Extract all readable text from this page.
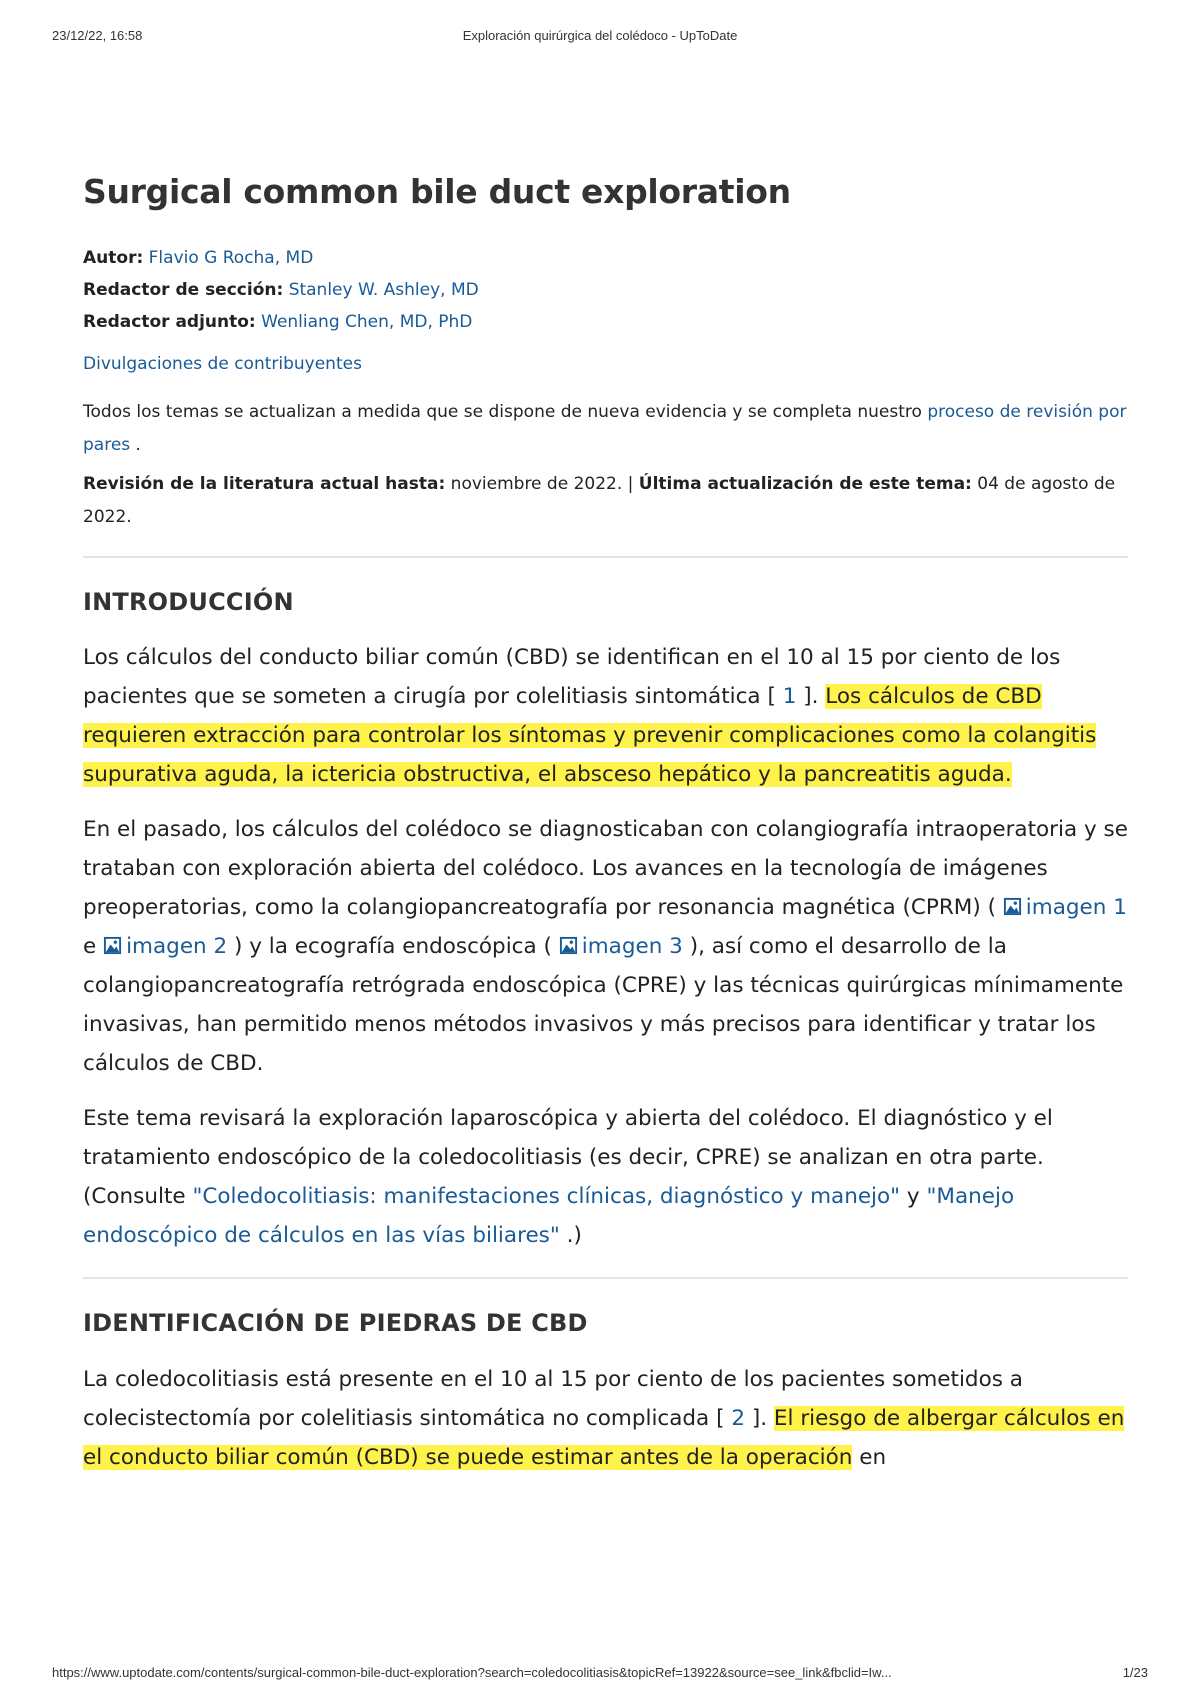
23/12/22, 16:58	Exploración quirúrgica del colédoco - UpToDate
Surgical common bile duct exploration
Autor: Flavio G Rocha, MD
Redactor de sección: Stanley W. Ashley, MD
Redactor adjunto: Wenliang Chen, MD, PhD
Divulgaciones de contribuyentes
Todos los temas se actualizan a medida que se dispone de nueva evidencia y se completa nuestro proceso de revisión por pares .
Revisión de la literatura actual hasta: noviembre de 2022. | Última actualización de este tema: 04 de agosto de 2022.
INTRODUCCIÓN

Los cálculos del conducto biliar común (CBD) se identifican en el 10 al 15 por ciento de los pacientes que se someten a cirugía por colelitiasis sintomática [ 1 ]. Los cálculos de CBD requieren extracción para controlar los síntomas y prevenir complicaciones como la colangitis supurativa aguda, la ictericia obstructiva, el absceso hepático y la pancreatitis aguda.

En el pasado, los cálculos del colédoco se diagnosticaban con colangiografía intraoperatoria y se trataban con exploración abierta del colédoco. Los avances en la tecnología de imágenes preoperatorias, como la colangiopancreatografía por resonancia magnética (CPRM) ( imagen 1 e imagen 2 ) y la ecografía endoscópica ( imagen 3 ), así como el desarrollo de la colangiopancreatografía retrógrada endoscópica (CPRE) y las técnicas quirúrgicas mínimamente invasivas, han permitido menos métodos invasivos y más precisos para identificar y tratar los cálculos de CBD.

Este tema revisará la exploración laparoscópica y abierta del colédoco. El diagnóstico y el tratamiento endoscópico de la coledocolitiasis (es decir, CPRE) se analizan en otra parte. (Consulte "Coledocolitiasis: manifestaciones clínicas, diagnóstico y manejo" y "Manejo endoscópico de cálculos en las vías biliares" .)

IDENTIFICACIÓN DE PIEDRAS DE CBD

La coledocolitiasis está presente en el 10 al 15 por ciento de los pacientes sometidos a colecistectomía por colelitiasis sintomática no complicada [ 2 ]. El riesgo de albergar cálculos en el conducto biliar común (CBD) se puede estimar antes de la operación en

https://www.uptodate.com/contents/surgical-common-bile-duct-exploration?search=coledocolitiasis&topicRef=13922&source=see_link&fbclid=Iw...	1/23
